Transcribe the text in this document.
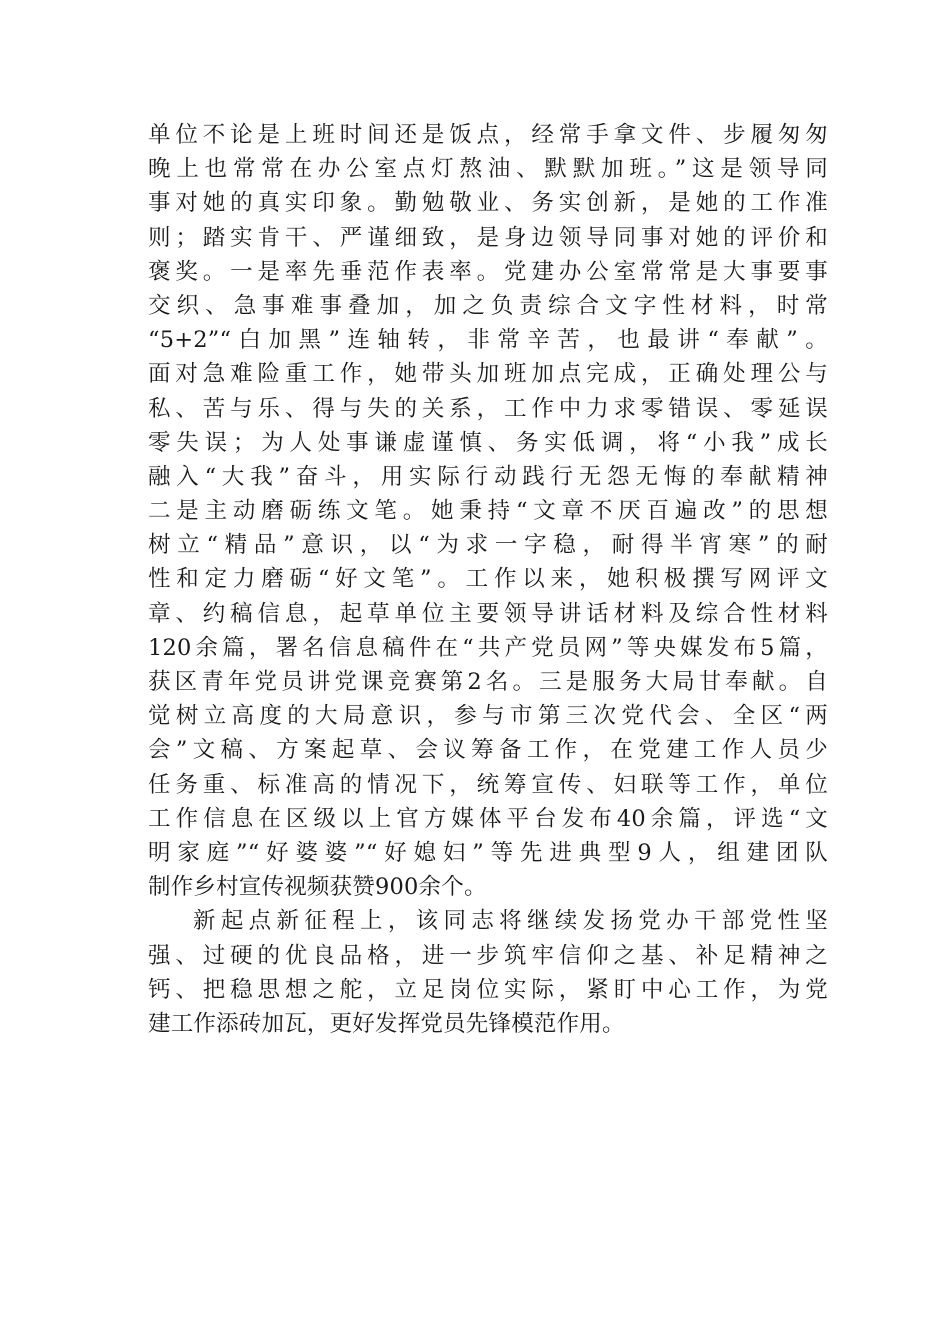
单位不论是上班时间还是饭点，经常手拿文件、步履匆匆
晚上也常常在办公室点灯熬油、默默加班。”这是领导同
事对她的真实印象。勤勉敬业、务实创新，是她的工作准
则；踏实肯干、严谨细致，是身边领导同事对她的评价和
褒奖。一是率先垂范作表率。党建办公室常常是大事要事
交织、急事难事叠加，加之负责综合文字性材料，时常
“5+2”“白加黑”连轴转，非常辛苦，也最讲“奉献”。
面对急难险重工作，她带头加班加点完成，正确处理公与
私、苦与乐、得与失的关系，工作中力求零错误、零延误
零失误；为人处事谦虚谨慎、务实低调，将“小我”成长
融入“大我”奋斗，用实际行动践行无怨无悔的奉献精神
二是主动磨砺练文笔。她秉持“文章不厌百遍改”的思想
树立“精品”意识，以“为求一字稳，耐得半宵寒”的耐
性和定力磨砺“好文笔”。工作以来，她积极撰写网评文
章、约稿信息，起草单位主要领导讲话材料及综合性材料
120余篇，署名信息稿件在“共产党员网”等央媒发布5篇，
获区青年党员讲党课竞赛第2名。三是服务大局甘奉献。自
觉树立高度的大局意识，参与市第三次党代会、全区“两
会”文稿、方案起草、会议筹备工作，在党建工作人员少
任务重、标准高的情况下，统筹宣传、妇联等工作，单位
工作信息在区级以上官方媒体平台发布40余篇，评选“文
明家庭”“好婆婆”“好媳妇”等先进典型9人，组建团队
制作乡村宣传视频获赞900余个。
新起点新征程上，该同志将继续发扬党办干部党性坚
强、过硬的优良品格，进一步筑牢信仰之基、补足精神之
钙、把稳思想之舵，立足岗位实际，紧盯中心工作，为党
建工作添砖加瓦，更好发挥党员先锋模范作用。
